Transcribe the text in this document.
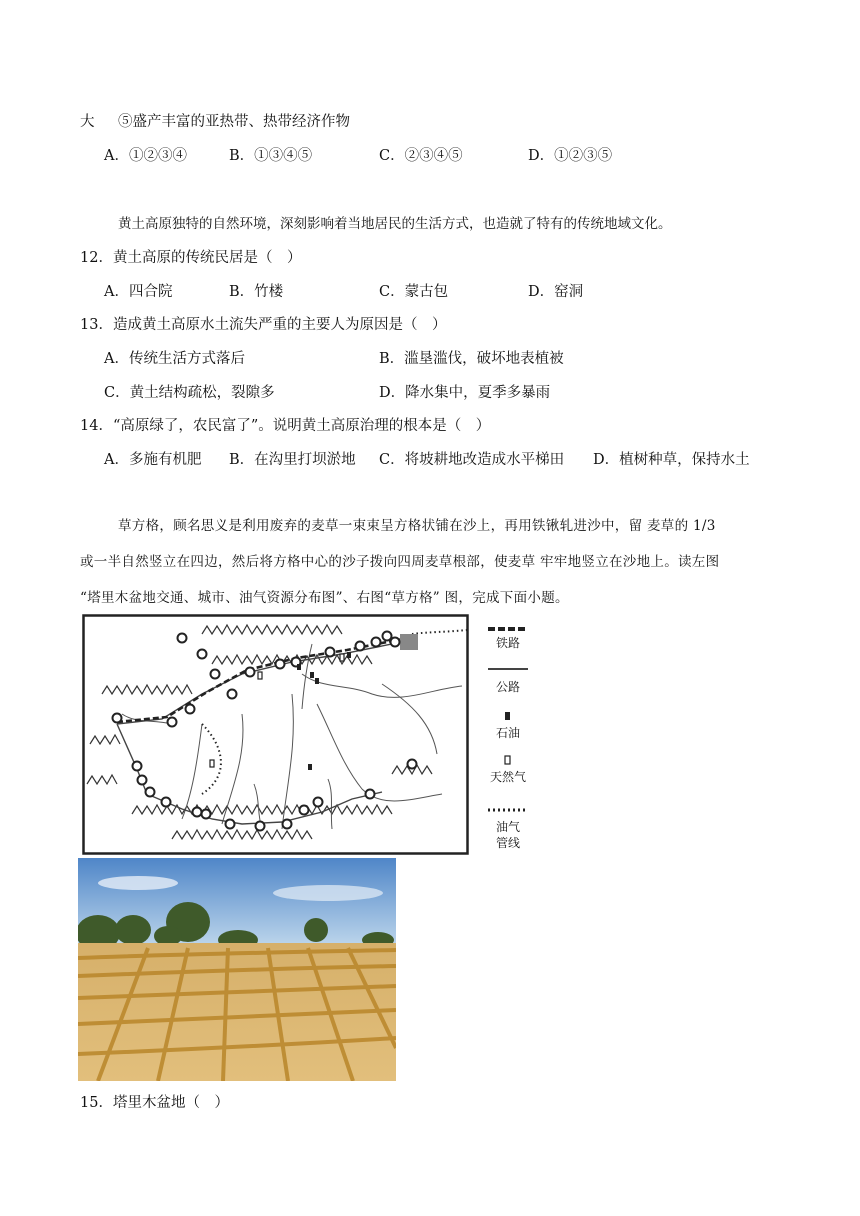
大 ⑤盛产丰富的亚热带、热带经济作物
A．①②③④	B．①③④⑤	C．②③④⑤	D．①②③⑤
黄土高原独特的自然环境，深刻影响着当地居民的生活方式，也造就了特有的传统地域文化。
12．黄土高原的传统民居是（　）
A．四合院	B．竹楼	C．蒙古包	D．窑洞
13．造成黄土高原水土流失严重的主要人为原因是（　）
A．传统生活方式落后	B．滥垦滥伐，破坏地表植被
C．黄土结构疏松，裂隙多	D．降水集中，夏季多暴雨
14．“高原绿了，农民富了”。说明黄土高原治理的根本是（　）
A．多施有机肥 B．在沟里打坝淤地 C．将坡耕地改造成水平梯田 D．植树种草，保持水土

草方格，顾名思义是利用废弃的麦草一束束呈方格状铺在沙上，再用铁锹轧进沙中，留 麦草的 1/3

或一半自然竖立在四边，然后将方格中心的沙子拨向四周麦草根部，使麦草 牢牢地竖立在沙地上。读左图

“塔里木盆地交通、城市、油气资源分布图”、右图“草方格” 图，完成下面小题。

铁路
公路
石油
天然气
油气
管线
15．塔里木盆地（　）
